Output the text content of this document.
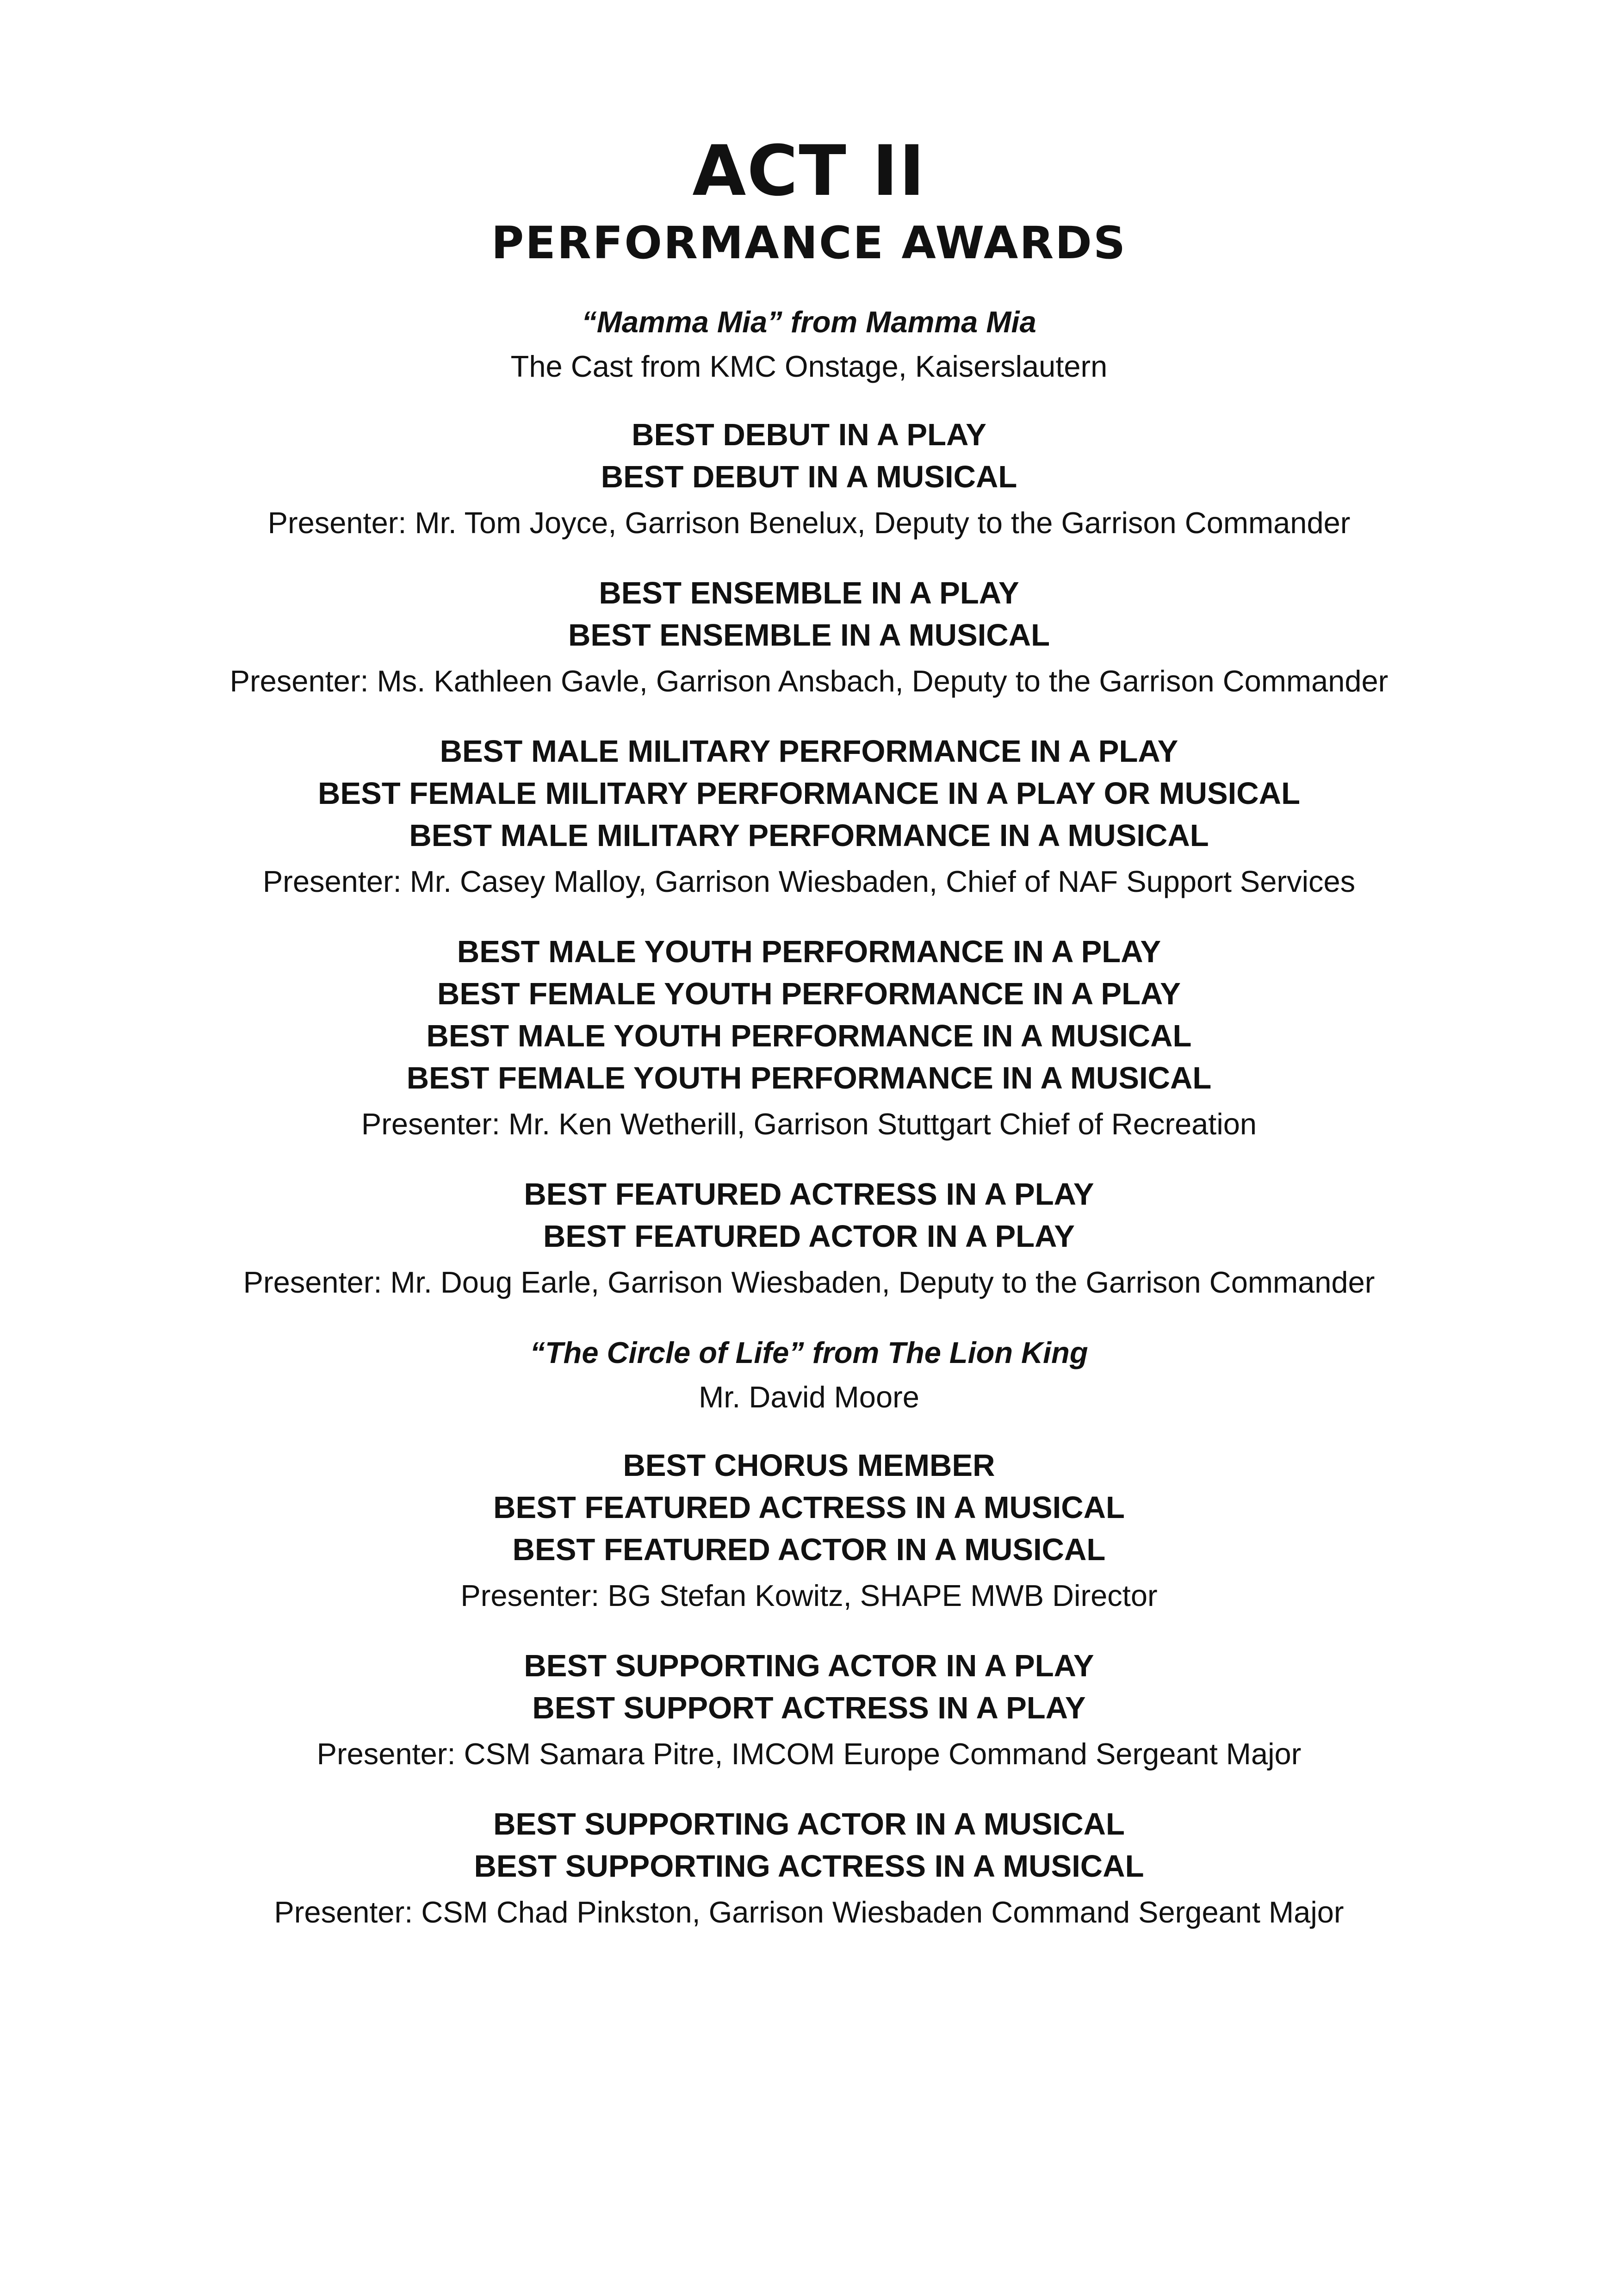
ACT II
PERFORMANCE AWARDS
“Mamma Mia” from Mamma Mia
The Cast from KMC Onstage, Kaiserslautern
BEST DEBUT IN A PLAY
BEST DEBUT IN A MUSICAL
Presenter: Mr. Tom Joyce, Garrison Benelux, Deputy to the Garrison Commander
BEST ENSEMBLE IN A PLAY
BEST ENSEMBLE IN A MUSICAL
Presenter: Ms. Kathleen Gavle, Garrison Ansbach, Deputy to the Garrison Commander
BEST MALE MILITARY PERFORMANCE IN A PLAY
BEST FEMALE MILITARY PERFORMANCE IN A PLAY OR MUSICAL
BEST MALE MILITARY PERFORMANCE IN A MUSICAL
Presenter: Mr. Casey Malloy, Garrison Wiesbaden, Chief of NAF Support Services
BEST MALE YOUTH PERFORMANCE IN A PLAY
BEST FEMALE YOUTH PERFORMANCE IN A PLAY
BEST MALE YOUTH PERFORMANCE IN A MUSICAL
BEST FEMALE YOUTH PERFORMANCE IN A MUSICAL
Presenter: Mr. Ken Wetherill, Garrison Stuttgart Chief of Recreation
BEST FEATURED ACTRESS IN A PLAY
BEST FEATURED ACTOR IN A PLAY
Presenter: Mr. Doug Earle, Garrison Wiesbaden, Deputy to the Garrison Commander
“The Circle of Life” from The Lion King
Mr. David Moore
BEST CHORUS MEMBER
BEST FEATURED ACTRESS IN A MUSICAL
BEST FEATURED ACTOR IN A MUSICAL
Presenter: BG Stefan Kowitz, SHAPE MWB Director
BEST SUPPORTING ACTOR IN A PLAY
BEST SUPPORT ACTRESS IN A PLAY
Presenter: CSM Samara Pitre, IMCOM Europe Command Sergeant Major
BEST SUPPORTING ACTOR IN A MUSICAL
BEST SUPPORTING ACTRESS IN A MUSICAL
Presenter: CSM Chad Pinkston, Garrison Wiesbaden Command Sergeant Major
